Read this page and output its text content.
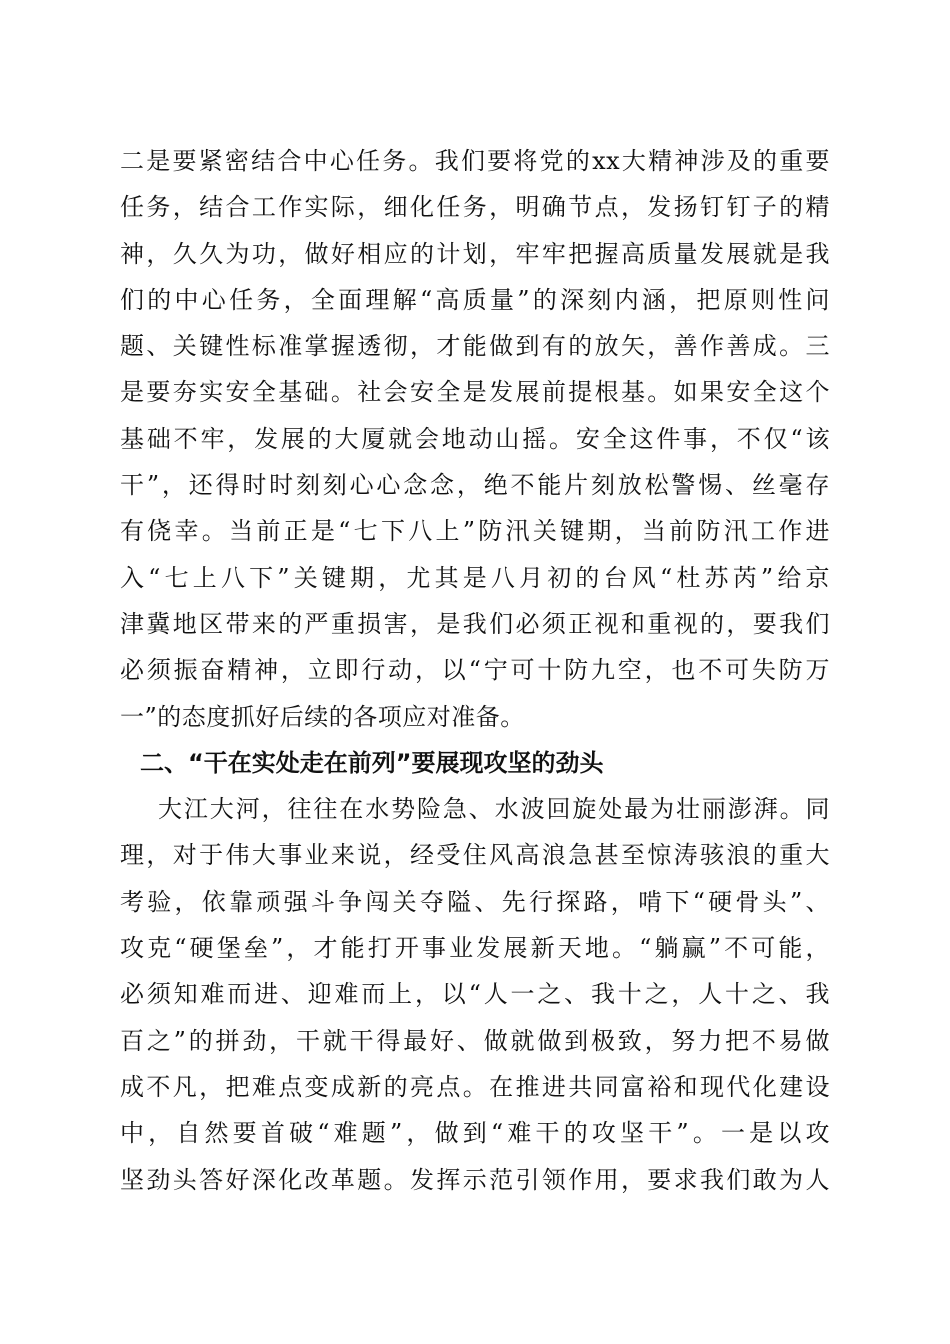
二是要紧密结合中心任务。我们要将党的xx大精神涉及的重要
任务，结合工作实际，细化任务，明确节点，发扬钉钉子的精
神，久久为功，做好相应的计划，牢牢把握高质量发展就是我
们的中心任务，全面理解“高质量”的深刻内涵，把原则性问
题、关键性标准掌握透彻，才能做到有的放矢，善作善成。三
是要夯实安全基础。社会安全是发展前提根基。如果安全这个
基础不牢，发展的大厦就会地动山摇。安全这件事，不仅“该
干”，还得时时刻刻心心念念，绝不能片刻放松警惕、丝毫存
有侥幸。当前正是“七下八上”防汛关键期，当前防汛工作进
入“七上八下”关键期，尤其是八月初的台风“杜苏芮”给京
津冀地区带来的严重损害，是我们必须正视和重视的，要我们
必须振奋精神，立即行动，以“宁可十防九空，也不可失防万
一”的态度抓好后续的各项应对准备。
二、“干在实处走在前列”要展现攻坚的劲头
大江大河，往往在水势险急、水波回旋处最为壮丽澎湃。同
理，对于伟大事业来说，经受住风高浪急甚至惊涛骇浪的重大
考验，依靠顽强斗争闯关夺隘、先行探路，啃下“硬骨头”、
攻克“硬堡垒”，才能打开事业发展新天地。“躺赢”不可能，
必须知难而进、迎难而上，以“人一之、我十之，人十之、我
百之”的拼劲，干就干得最好、做就做到极致，努力把不易做
成不凡，把难点变成新的亮点。在推进共同富裕和现代化建设
中，自然要首破“难题”，做到“难干的攻坚干”。一是以攻
坚劲头答好深化改革题。发挥示范引领作用，要求我们敢为人
